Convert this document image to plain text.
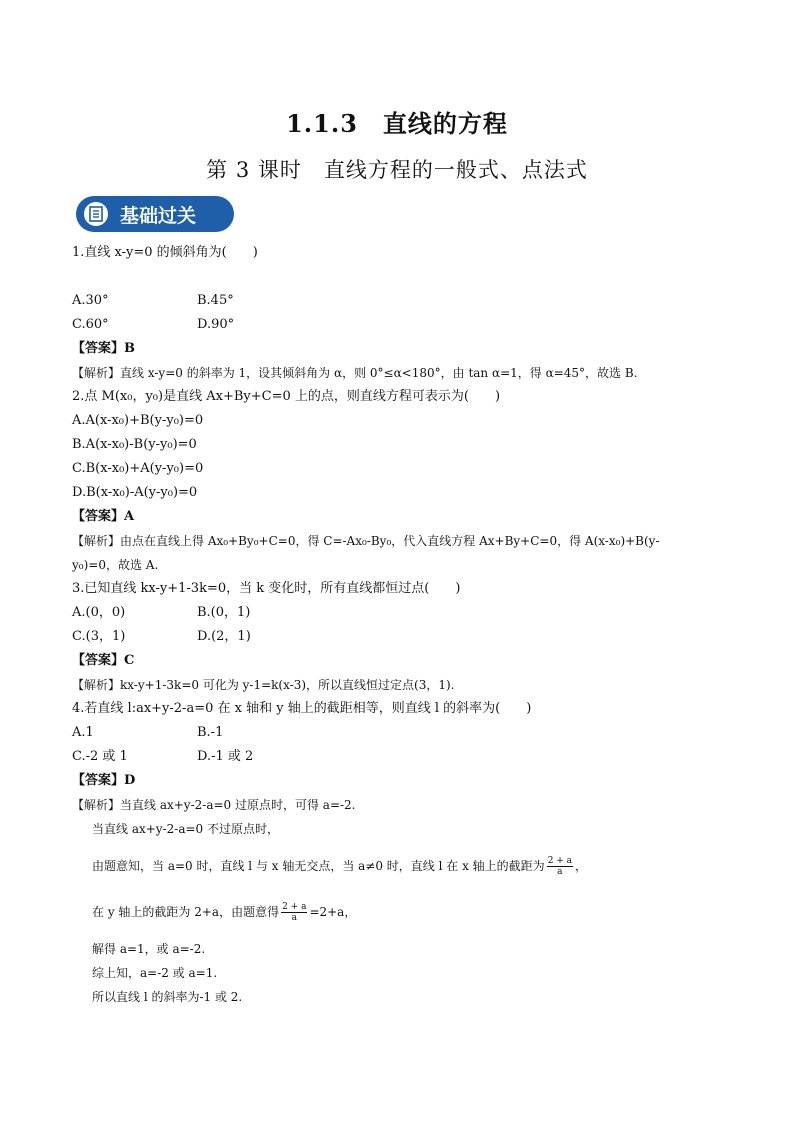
1.1.3　直线的方程
第 3 课时　直线方程的一般式、点法式
基础过关
1.直线 x-y=0 的倾斜角为(　　)
A.30°	B.45°
C.60°	D.90°
【答案】B
【解析】直线 x-y=0 的斜率为 1，设其倾斜角为 α，则 0°≤α<180°，由 tan α=1，得 α=45°，故选 B.
2.点 M(x₀，y₀)是直线 Ax+By+C=0 上的点，则直线方程可表示为(　　)
A.A(x-x₀)+B(y-y₀)=0
B.A(x-x₀)-B(y-y₀)=0
C.B(x-x₀)+A(y-y₀)=0
D.B(x-x₀)-A(y-y₀)=0
【答案】A
【解析】由点在直线上得 Ax₀+By₀+C=0，得 C=-Ax₀-By₀，代入直线方程 Ax+By+C=0，得 A(x-x₀)+B(y-
y₀)=0，故选 A.
3.已知直线 kx-y+1-3k=0，当 k 变化时，所有直线都恒过点(　　)
A.(0，0)	B.(0，1)
C.(3，1)	D.(2，1)
【答案】C
【解析】kx-y+1-3k=0 可化为 y-1=k(x-3)，所以直线恒过定点(3，1).
4.若直线 l:ax+y-2-a=0 在 x 轴和 y 轴上的截距相等，则直线 l 的斜率为(　　)
A.1	B.-1
C.-2 或 1	D.-1 或 2
【答案】D
【解析】当直线 ax+y-2-a=0 过原点时，可得 a=-2.
当直线 ax+y-2-a=0 不过原点时，
由题意知，当 a=0 时，直线 l 与 x 轴无交点，当 a≠0 时，直线 l 在 x 轴上的截距为 $\frac{2 + a}{a}$ ，
在 y 轴上的截距为 2+a，由题意得 $\frac{2 + a}{a} =2+a$，
解得 a=1，或 a=-2.
综上知，a=-2 或 a=1.
所以直线 l 的斜率为-1 或 2.
